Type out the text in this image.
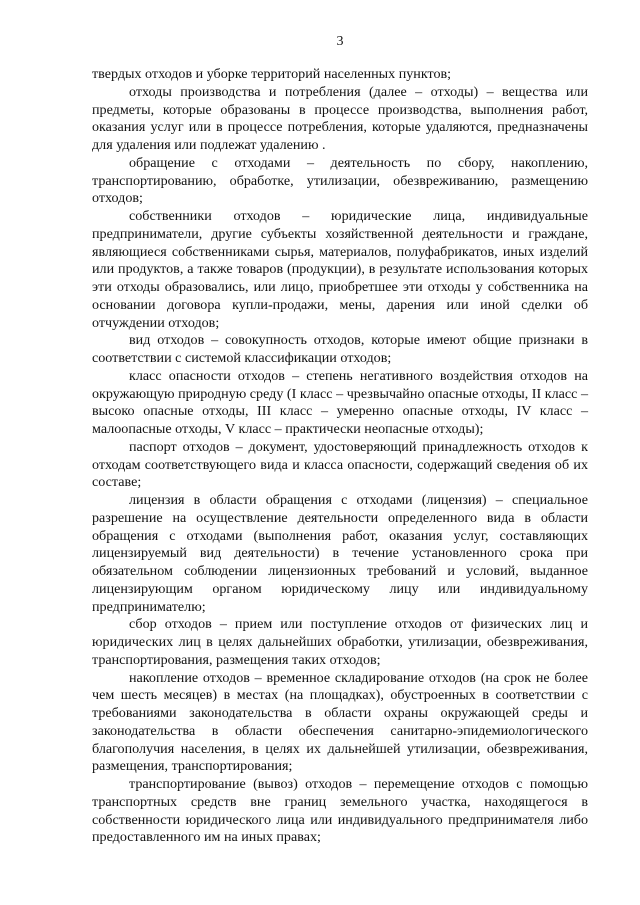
3

твердых отходов и уборке территорий населенных пунктов;

отходы производства и потребления (далее – отходы) – вещества или предметы, которые образованы в процессе производства, выполнения работ, оказания услуг или в процессе потребления, которые удаляются, предназначены для удаления или подлежат удалению .

обращение с отходами – деятельность по сбору, накоплению, транспортированию, обработке, утилизации, обезвреживанию, размещению отходов;

собственники отходов – юридические лица, индивидуальные предприниматели, другие субъекты хозяйственной деятельности и граждане, являющиеся собственниками сырья, материалов, полуфабрикатов, иных изделий или продуктов, а также товаров (продукции), в результате использования которых эти отходы образовались, или лицо, приобретшее эти отходы у собственника на основании договора купли-продажи, мены, дарения или иной сделки об отчуждении отходов;

вид отходов – совокупность отходов, которые имеют общие признаки в соответствии с системой классификации отходов;

класс опасности отходов – степень негативного воздействия отходов на окружающую природную среду (I класс – чрезвычайно опасные отходы, II класс – высоко опасные отходы, III класс – умеренно опасные отходы, IV класс – малоопасные отходы, V класс – практически неопасные отходы);

паспорт отходов – документ, удостоверяющий принадлежность отходов к отходам соответствующего вида и класса опасности, содержащий сведения об их составе;

лицензия в области обращения с отходами (лицензия) – специальное разрешение на осуществление деятельности определенного вида в области обращения с отходами (выполнения работ, оказания услуг, составляющих лицензируемый вид деятельности) в течение установленного срока при обязательном соблюдении лицензионных требований и условий, выданное лицензирующим органом юридическому лицу или индивидуальному предпринимателю;

сбор отходов – прием или поступление отходов от физических лиц и юридических лиц в целях дальнейших обработки, утилизации, обезвреживания, транспортирования, размещения таких отходов;

накопление отходов – временное складирование отходов (на срок не более чем шесть месяцев) в местах (на площадках), обустроенных в соответствии с требованиями законодательства в области охраны окружающей среды и законодательства в области обеспечения санитарно-эпидемиологического благополучия населения, в целях их дальнейшей утилизации, обезвреживания, размещения, транспортирования;

транспортирование (вывоз) отходов – перемещение отходов с помощью транспортных средств вне границ земельного участка, находящегося в собственности юридического лица или индивидуального предпринимателя либо предоставленного им на иных правах;
